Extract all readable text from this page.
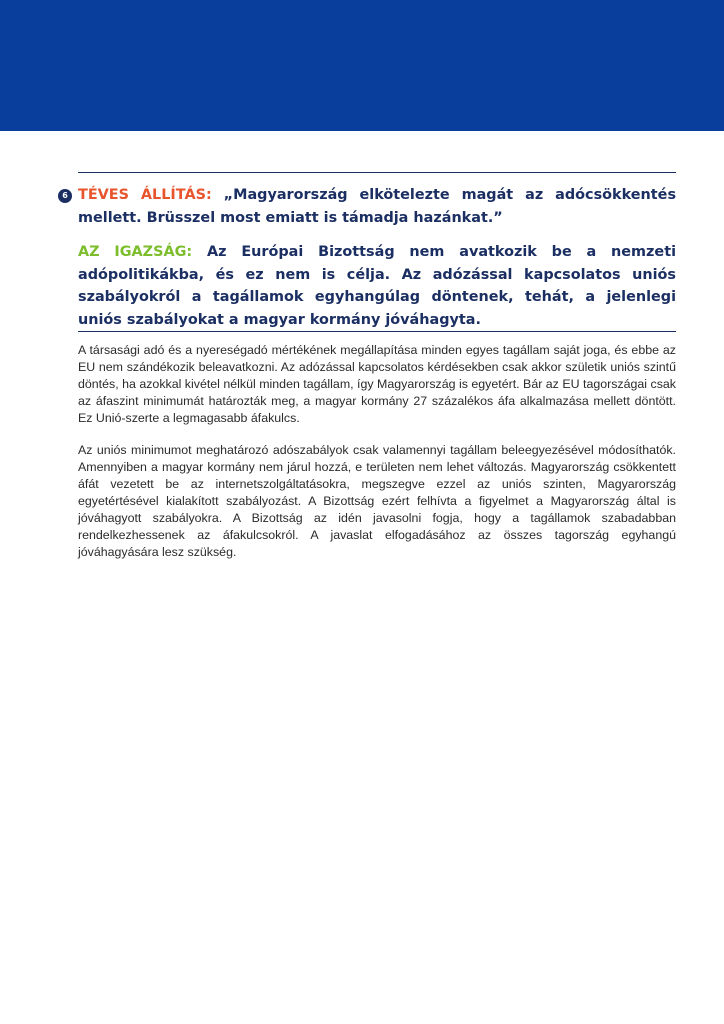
6 TÉVES ÁLLÍTÁS: „Magyarország elkötelezte magát az adócsökkentés mellett. Brüsszel most emiatt is támadja hazánkat.”

AZ IGAZSÁG: Az Európai Bizottság nem avatkozik be a nemzeti adópolitikákba, és ez nem is célja. Az adózással kapcsolatos uniós szabályokról a tagállamok egyhangúlag döntenek, tehát, a jelenlegi uniós szabályokat a magyar kormány jóváhagyta.

A társasági adó és a nyereségadó mértékének megállapítása minden egyes tagállam saját joga, és ebbe az EU nem szándékozik beleavatkozni. Az adózással kapcsolatos kérdésekben csak akkor születik uniós szintű döntés, ha azokkal kivétel nélkül minden tagállam, így Magyarország is egyetért. Bár az EU tagországai csak az áfaszint minimumát határozták meg, a magyar kormány 27 százalékos áfa alkalmazása mellett döntött. Ez Unió-szerte a legmagasabb áfakulcs.

Az uniós minimumot meghatározó adószabályok csak valamennyi tagállam beleegyezésével módosíthatók. Amennyiben a magyar kormány nem járul hozzá, e területen nem lehet változás. Magyarország csökkentett áfát vezetett be az internetszolgáltatásokra, megszegve ezzel az uniós szinten, Magyarország egyetértésével kialakított szabályozást. A Bizottság ezért felhívta a figyelmet a Magyarország által is jóváhagyott szabályokra. A Bizottság az idén javasolni fogja, hogy a tagállamok szabadabban rendelkezhessenek az áfakulcsokról. A javaslat elfogadásához az összes tagország egyhangú jóváhagyására lesz szükség.
